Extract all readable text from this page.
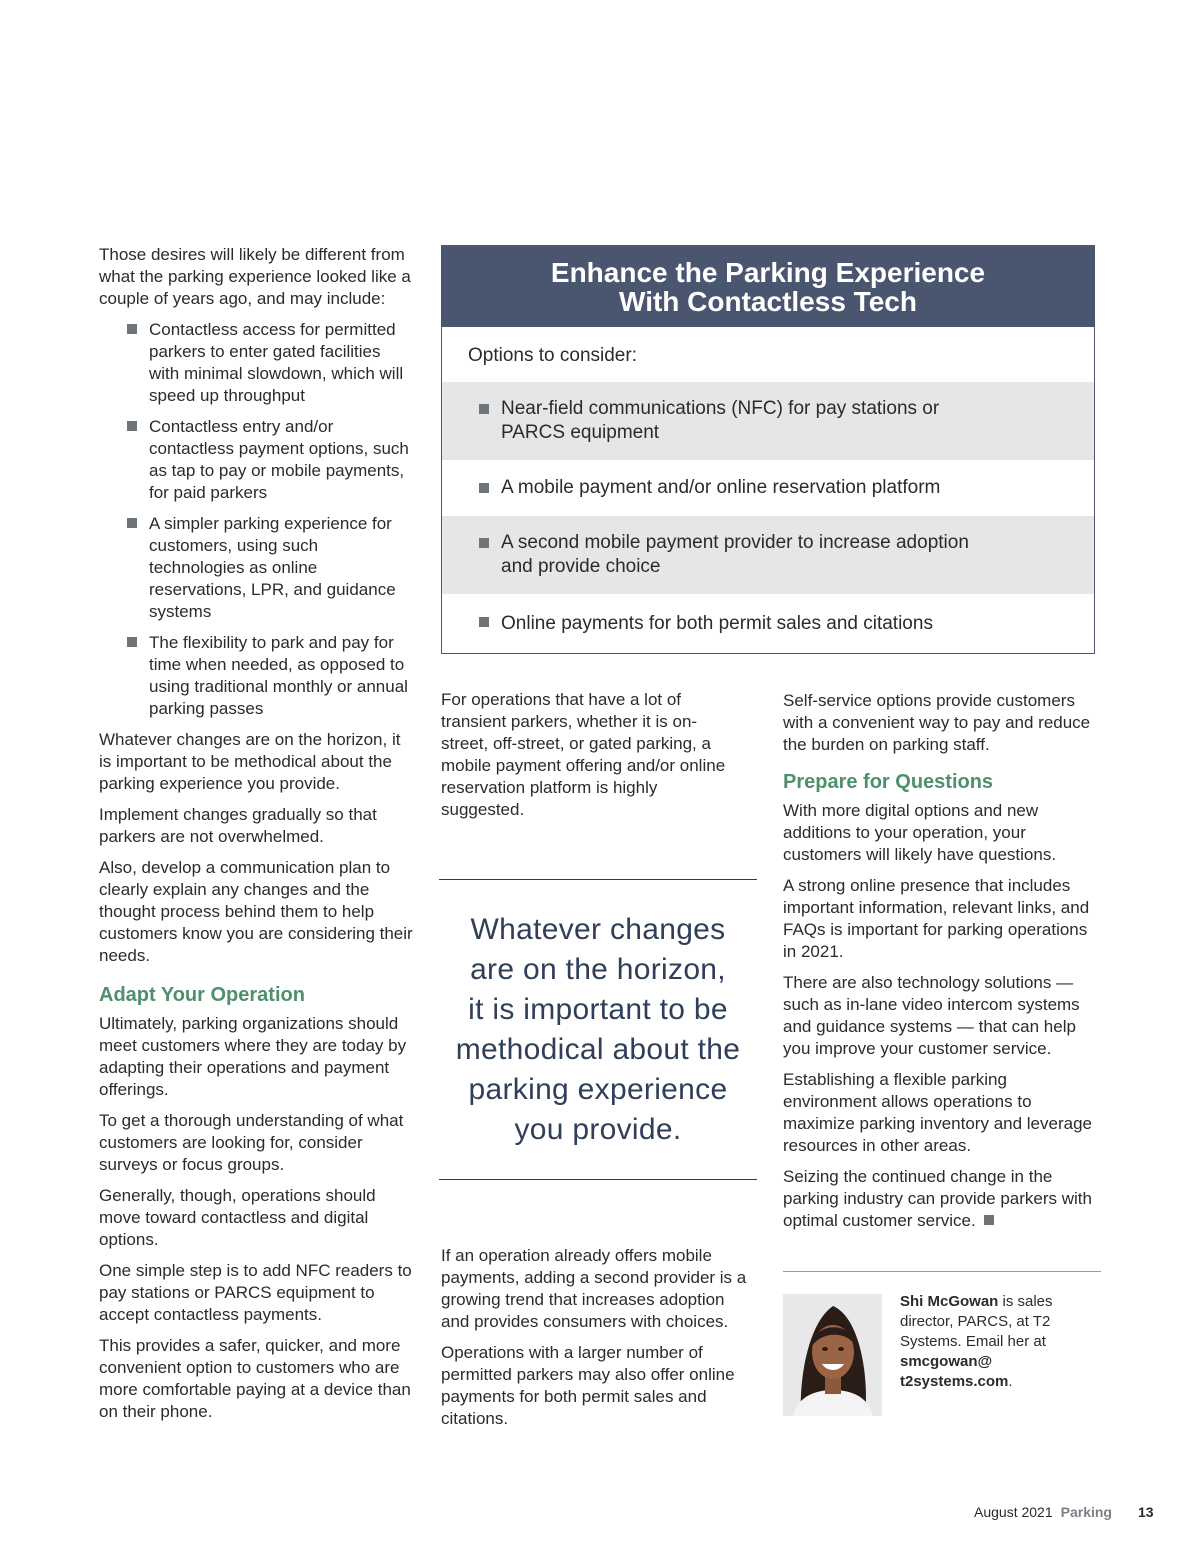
Those desires will likely be different from what the parking experience looked like a couple of years ago, and may include:

Contactless access for permitted parkers to enter gated facilities with minimal slowdown, which will speed up throughput
Contactless entry and/or contactless payment options, such as tap to pay or mobile payments, for paid parkers
A simpler parking experience for customers, using such technologies as online reservations, LPR, and guidance systems
The flexibility to park and pay for time when needed, as opposed to using traditional monthly or annual parking passes

Whatever changes are on the horizon, it is important to be methodical about the parking experience you provide.

Implement changes gradually so that parkers are not overwhelmed.

Also, develop a communication plan to clearly explain any changes and the thought process behind them to help customers know you are considering their needs.

Adapt Your Operation

Ultimately, parking organizations should meet customers where they are today by adapting their operations and payment offerings.

To get a thorough understanding of what customers are looking for, consider surveys or focus groups.

Generally, though, operations should move toward contactless and digital options.

One simple step is to add NFC readers to pay stations or PARCS equipment to accept contactless payments.

This provides a safer, quicker, and more convenient option to customers who are more comfortable paying at a device than on their phone.

Enhance the Parking Experience
With Contactless Tech
Options to consider:
Near-field communications (NFC) for pay stations or PARCS equipment
A mobile payment and/or online reservation platform
A second mobile payment provider to increase adoption and provide choice
Online payments for both permit sales and citations

For operations that have a lot of transient parkers, whether it is on-street, off-street, or gated parking, a mobile payment offering and/or online reservation platform is highly suggested.

Whatever changes
are on the horizon,
it is important to be
methodical about the
parking experience
you provide.

If an operation already offers mobile payments, adding a second provider is a growing trend that increases adoption and provides consumers with choices.

Operations with a larger number of permitted parkers may also offer online payments for both permit sales and citations.

Self-service options provide customers with a convenient way to pay and reduce the burden on parking staff.

Prepare for Questions

With more digital options and new additions to your operation, your customers will likely have questions.

A strong online presence that includes important information, relevant links, and FAQs is important for parking operations in 2021.

There are also technology solutions — such as in-lane video intercom systems and guidance systems — that can help you improve your customer service.

Establishing a flexible parking environment allows operations to maximize parking inventory and leverage resources in other areas.

Seizing the continued change in the parking industry can provide parkers with optimal customer service.

Shi McGowan is sales director, PARCS, at T2 Systems. Email her at
smcgowan@
t2systems.com.
August 2021 Parking 13
